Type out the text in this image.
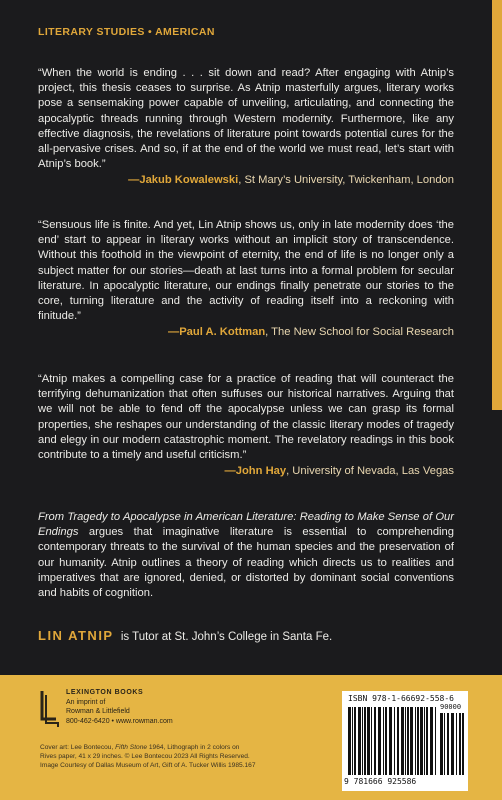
LITERARY STUDIES • AMERICAN

“When the world is ending . . . sit down and read? After engaging with Atnip’s project, this thesis ceases to surprise. As Atnip masterfully argues, literary works pose a sensemaking power capable of unveiling, articulating, and connecting the apocalyptic threads running through Western modernity. Furthermore, like any effective diagnosis, the revelations of literature point towards potential cures for the all-pervasive crises. And so, if at the end of the world we must read, let’s start with Atnip’s book.”

—Jakub Kowalewski, St Mary’s University, Twickenham, London

“Sensuous life is finite. And yet, Lin Atnip shows us, only in late modernity does ‘the end’ start to appear in literary works without an implicit story of transcendence. Without this foothold in the viewpoint of eternity, the end of life is no longer only a subject matter for our stories—death at last turns into a formal problem for secular literature. In apocalyptic literature, our endings finally penetrate our stories to the core, turning literature and the activity of reading itself into a reckoning with finitude.”

—Paul A. Kottman, The New School for Social Research

“Atnip makes a compelling case for a practice of reading that will counteract the terrifying dehumanization that often suffuses our historical narratives. Arguing that we will not be able to fend off the apocalypse unless we can grasp its formal properties, she reshapes our understanding of the classic literary modes of tragedy and elegy in our modern catastrophic moment. The revelatory readings in this book contribute to a timely and useful criticism.”

—John Hay, University of Nevada, Las Vegas
From Tragedy to Apocalypse in American Literature: Reading to Make Sense of Our Endings argues that imaginative literature is essential to comprehending contemporary threats to the survival of the human species and the preservation of our humanity. Atnip outlines a theory of reading which directs us to realities and imperatives that are ignored, denied, or distorted by dominant social conventions and habits of cognition.
LIN ATNIP is Tutor at St. John’s College in Santa Fe.
LEXINGTON BOOKS
An imprint of
Rowman & Littlefield
800-462-6420 • www.rowman.com
Cover art: Lee Bontecou, Fifth Stone 1964, Lithograph in 2 colors on
Rives paper, 41 x 29 inches. © Lee Bontecou 2023 All Rights Reserved.
Image Courtesy of Dallas Museum of Art, Gift of A. Tucker Willis 1985.167
ISBN 978-1-66692-558-6
90000
9 781666 925586
